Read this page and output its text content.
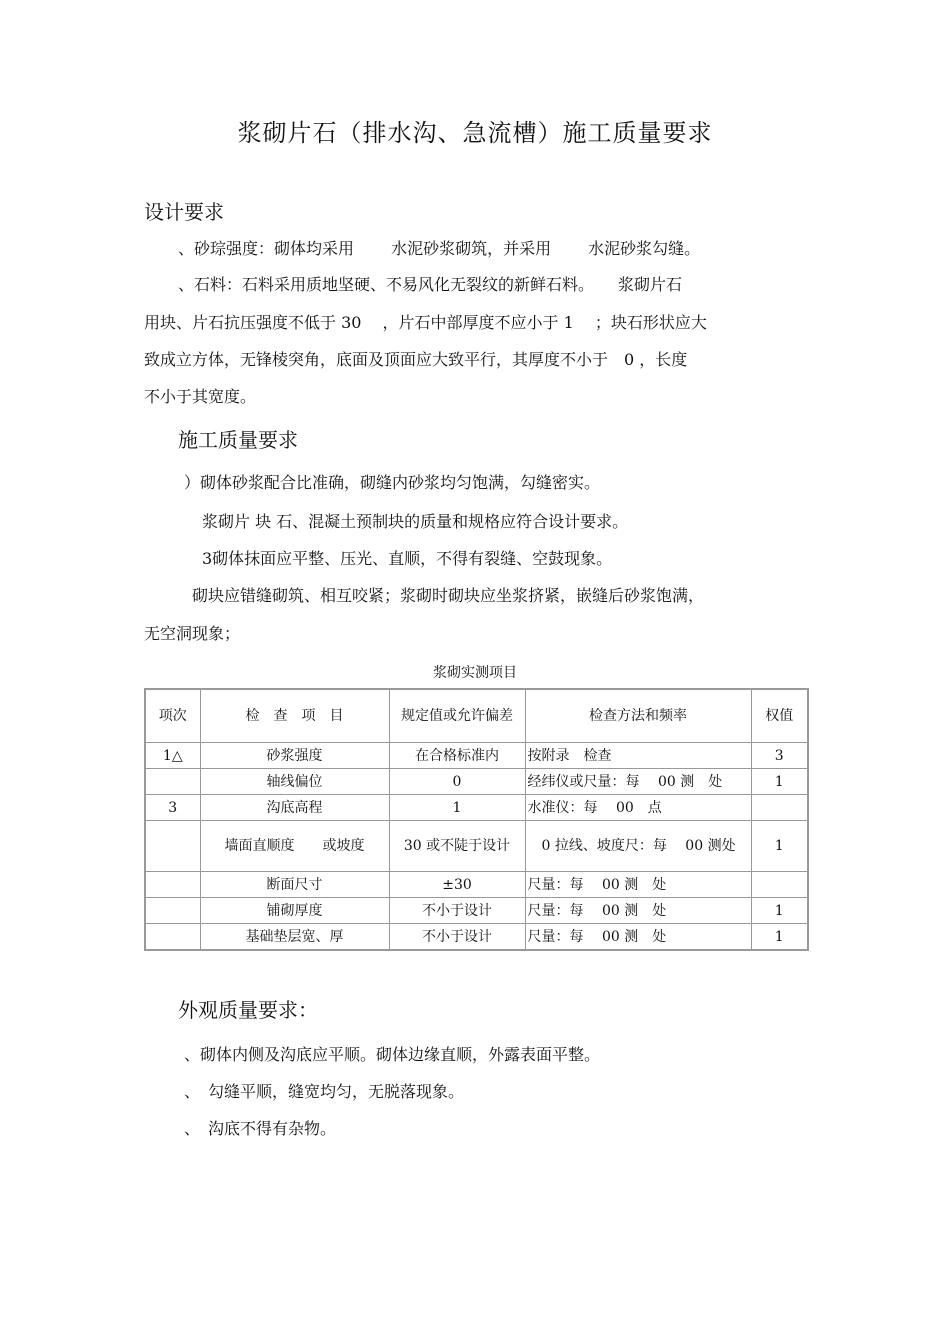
浆砌片石（排水沟、急流槽）施工质量要求
设计要求
、砂琮强度：砌体均采用　　 水泥砂浆砌筑，并采用　　 水泥砂浆勾缝。
、石料：石料采用质地坚硬、不易风化无裂纹的新鲜石料。　　浆砌片石
用块、片石抗压强度不低于 30　 ，片石中部厚度不应小于 1　 ；块石形状应大
致成立方体，无锋棱突角，底面及顶面应大致平行，其厚度不小于　0 ，长度
不小于其宽度。
施工质量要求
）砌体砂浆配合比准确，砌缝内砂浆均匀饱满，勾缝密实。
浆砌片 块 石、混凝土预制块的质量和规格应符合设计要求。
3砌体抹面应平整、压光、直顺，不得有裂缝、空鼓现象。
砌块应错缝砌筑、相互咬紧；浆砌时砌块应坐浆挤紧，嵌缝后砂浆饱满，
无空洞现象；
浆砌实测项目
项次	检　查　项　目	规定值或允许偏差	检查方法和频率	权值
1△	砂浆强度	在合格标准内	按附录　检查	3
	轴线偏位	0	经纬仪或尺量：每　 00 测　处	1
3	沟底高程	1	水准仪：每　 00　点	
	墙面直顺度　　或坡度	30 或不陡于设计	0 拉线、坡度尺：每　 00 测处	1
	断面尺寸	±30	尺量：每　 00 测　处	
	铺砌厚度	不小于设计	尺量：每　 00 测　处	1
	基础垫层宽、厚	不小于设计	尺量：每　 00 测　处	1
外观质量要求：
、砌体内侧及沟底应平顺。砌体边缘直顺，外露表面平整。
、　勾缝平顺，缝宽均匀，无脱落现象。
、　沟底不得有杂物。
